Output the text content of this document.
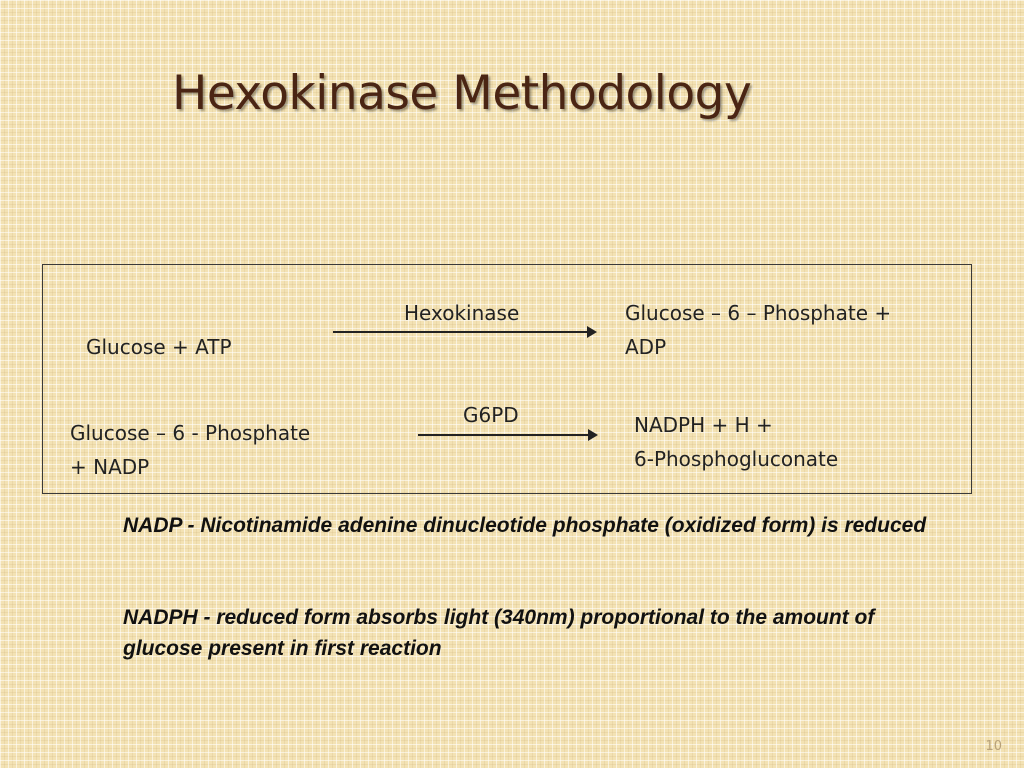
Hexokinase Methodology
Glucose + ATP
Hexokinase	Glucose – 6 – Phosphate +
ADP
Glucose – 6 - Phosphate
+ NADP
G6PD	NADPH + H +
6-Phosphogluconate

NADP - Nicotinamide adenine dinucleotide phosphate (oxidized form) is reduced

NADPH - reduced form absorbs light (340nm) proportional to the amount of glucose present in first reaction

10
